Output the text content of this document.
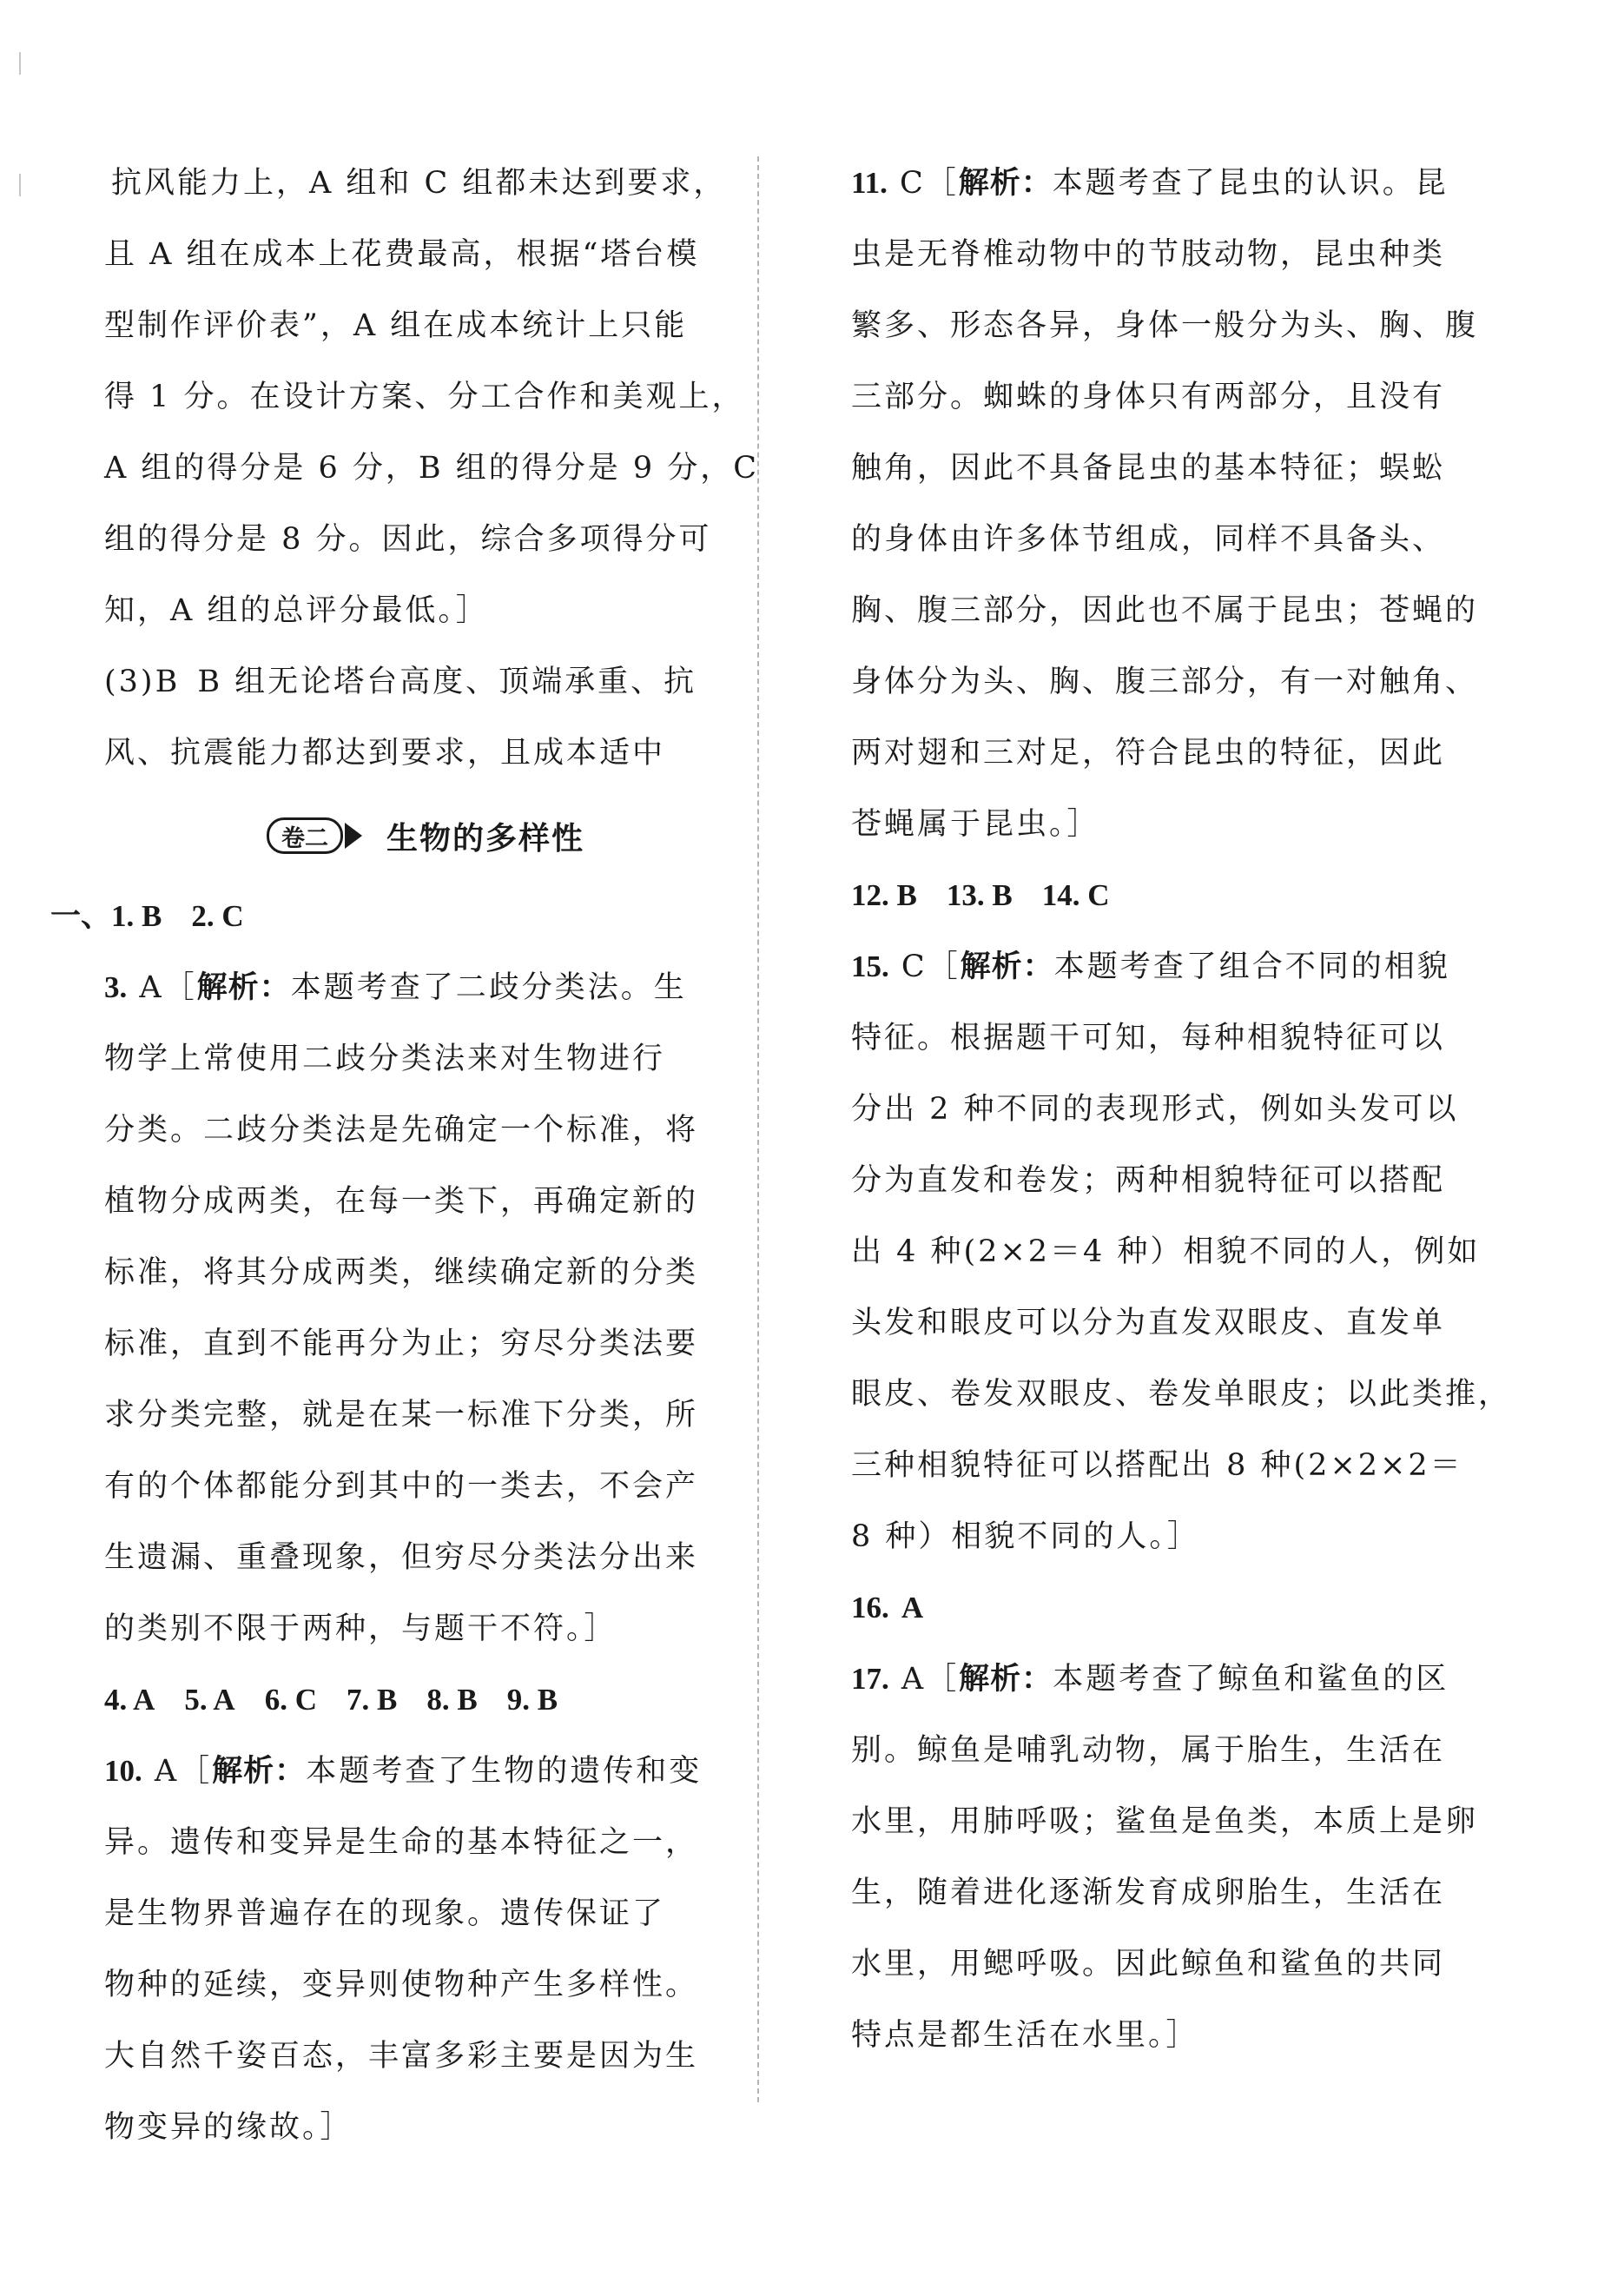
抗风能力上，A 组和 C 组都未达到要求，
且 A 组在成本上花费最高，根据“塔台模
型制作评价表”，A 组在成本统计上只能
得 1 分。在设计方案、分工合作和美观上，
A 组的得分是 6 分，B 组的得分是 9 分，C
组的得分是 8 分。因此，综合多项得分可
知，A 组的总评分最低。］
(3)B B 组无论塔台高度、顶端承重、抗
风、抗震能力都达到要求，且成本适中
卷二	生物的多样性
一、1. B 2. C
3. A［解析：本题考查了二歧分类法。生
物学上常使用二歧分类法来对生物进行
分类。二歧分类法是先确定一个标准，将
植物分成两类，在每一类下，再确定新的
标准，将其分成两类，继续确定新的分类
标准，直到不能再分为止；穷尽分类法要
求分类完整，就是在某一标准下分类，所
有的个体都能分到其中的一类去，不会产
生遗漏、重叠现象，但穷尽分类法分出来
的类别不限于两种，与题干不符。］
4. A 5. A 6. C 7. B 8. B 9. B
10. A［解析：本题考查了生物的遗传和变
异。遗传和变异是生命的基本特征之一，
是生物界普遍存在的现象。遗传保证了
物种的延续，变异则使物种产生多样性。
大自然千姿百态，丰富多彩主要是因为生
物变异的缘故。］
11. C［解析：本题考查了昆虫的认识。昆
虫是无脊椎动物中的节肢动物，昆虫种类
繁多、形态各异，身体一般分为头、胸、腹
三部分。蜘蛛的身体只有两部分，且没有
触角，因此不具备昆虫的基本特征；蜈蚣
的身体由许多体节组成，同样不具备头、
胸、腹三部分，因此也不属于昆虫；苍蝇的
身体分为头、胸、腹三部分，有一对触角、
两对翅和三对足，符合昆虫的特征，因此
苍蝇属于昆虫。］
12. B 13. B 14. C
15. C［解析：本题考查了组合不同的相貌
特征。根据题干可知，每种相貌特征可以
分出 2 种不同的表现形式，例如头发可以
分为直发和卷发；两种相貌特征可以搭配
出 4 种(2×2＝4 种）相貌不同的人，例如
头发和眼皮可以分为直发双眼皮、直发单
眼皮、卷发双眼皮、卷发单眼皮；以此类推，
三种相貌特征可以搭配出 8 种(2×2×2＝
8 种）相貌不同的人。］
16. A
17. A［解析：本题考查了鲸鱼和鲨鱼的区
别。鲸鱼是哺乳动物，属于胎生，生活在
水里，用肺呼吸；鲨鱼是鱼类，本质上是卵
生，随着进化逐渐发育成卵胎生，生活在
水里，用鳃呼吸。因此鲸鱼和鲨鱼的共同
特点是都生活在水里。］
